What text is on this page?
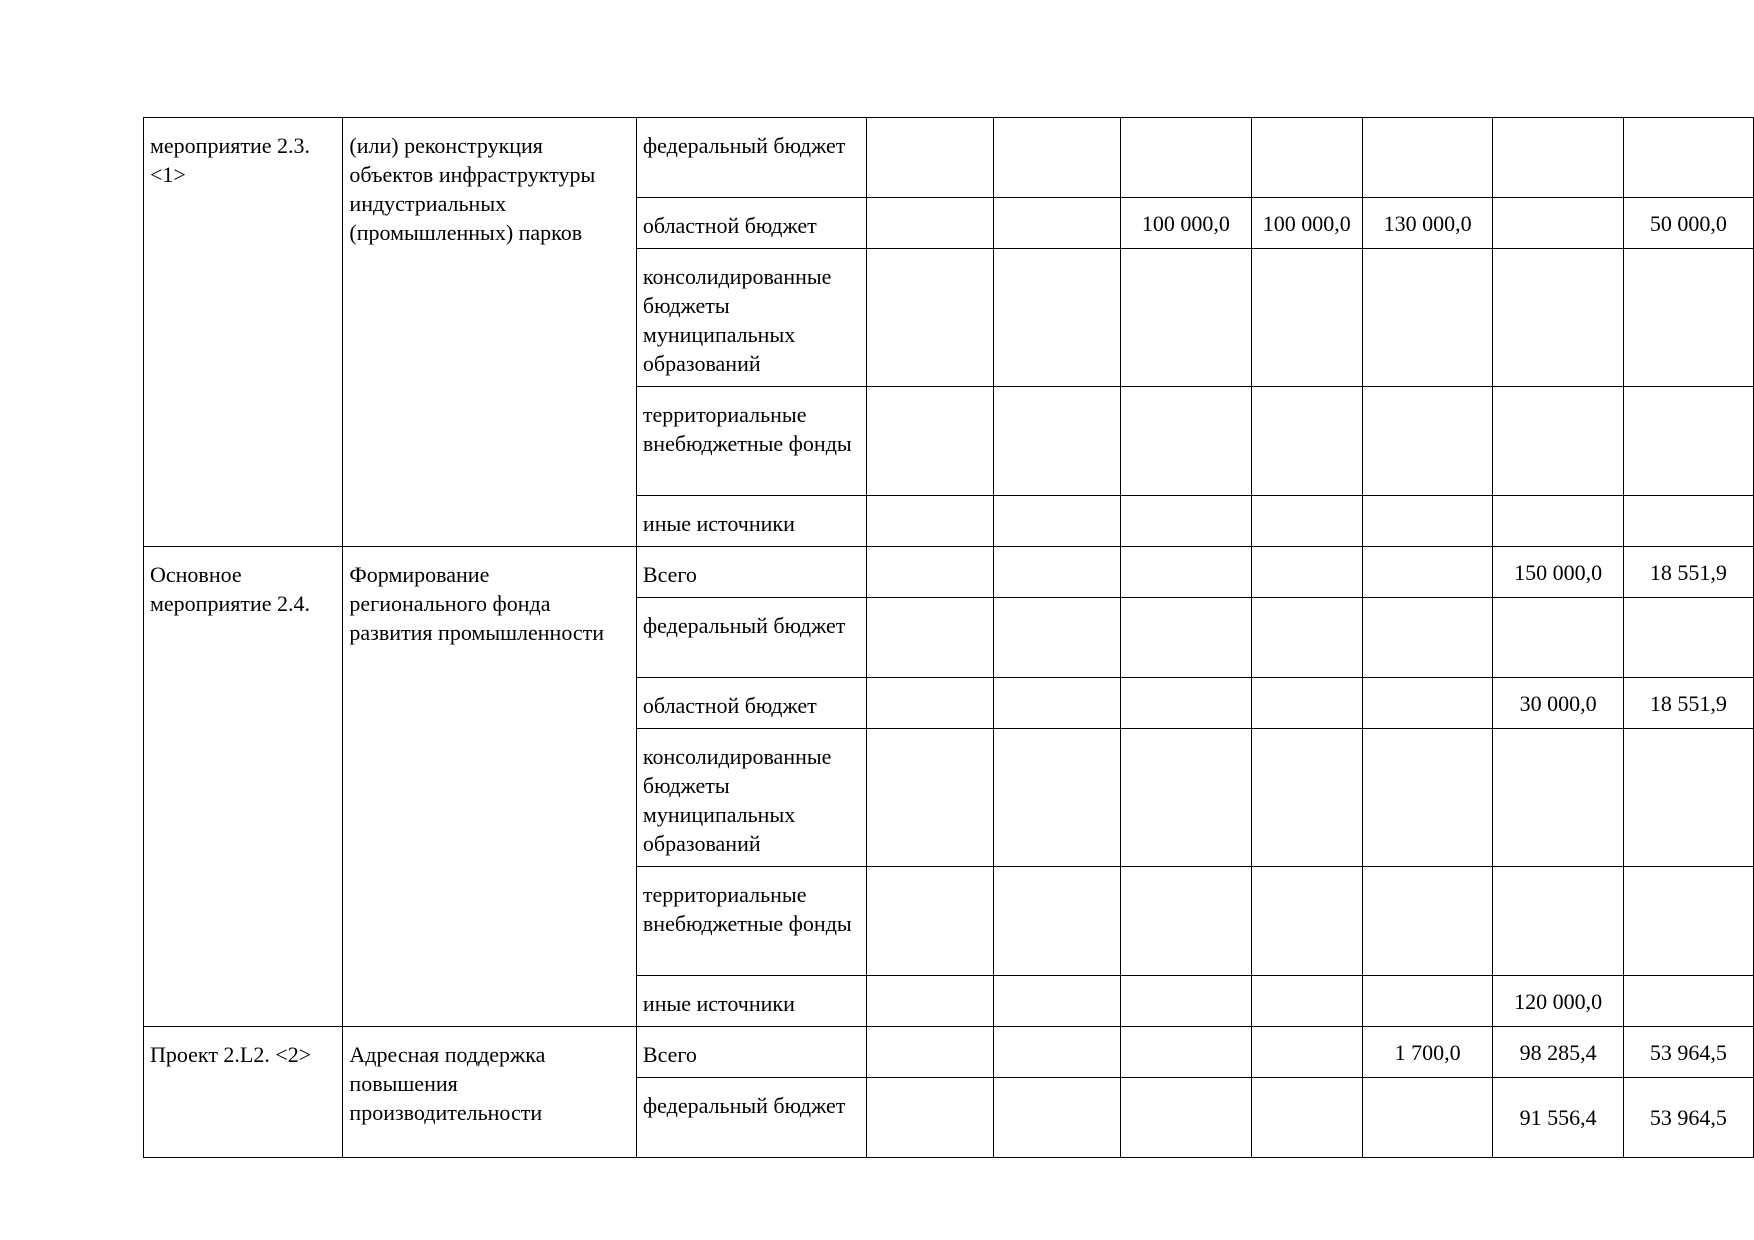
мероприятие 2.3. <1>	(или) реконструкция объектов инфраструктуры индустриальных (промышленных) парков	федеральный бюджет							
		областной бюджет			100 000,0	100 000,0	130 000,0		50 000,0
		консолидированные бюджеты муниципальных образований							
		территориальные внебюджетные фонды							
		иные источники							
Основное мероприятие 2.4.	Формирование регионального фонда развития промышленности	Всего						150 000,0	18 551,9
		федеральный бюджет							
		областной бюджет						30 000,0	18 551,9
		консолидированные бюджеты муниципальных образований							
		территориальные внебюджетные фонды							
		иные источники						120 000,0	
Проект 2.L2. <2>	Адресная поддержка повышения производительности	Всего					1 700,0	98 285,4	53 964,5
		федеральный бюджет						91 556,4	53 964,5
